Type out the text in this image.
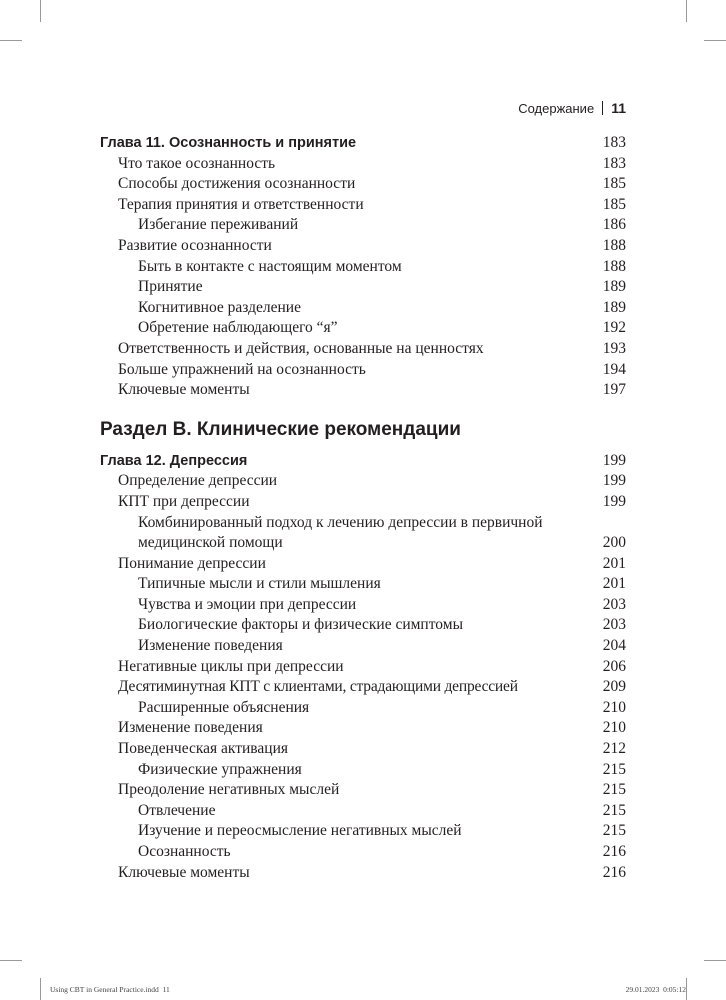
Содержание 11
Глава 11. Осознанность и принятие	183
Что такое осознанность	183
Способы достижения осознанности	185
Терапия принятия и ответственности	185
Избегание переживаний	186
Развитие осознанности	188
Быть в контакте с настоящим моментом	188
Принятие	189
Когнитивное разделение	189
Обретение наблюдающего “я”	192
Ответственность и действия, основанные на ценностях	193
Больше упражнений на осознанность	194
Ключевые моменты	197
Раздел B. Клинические рекомендации
Глава 12. Депрессия	199
Определение депрессии	199
КПТ при депрессии	199
Комбинированный подход к лечению депрессии в первичной медицинской помощи	200
Понимание депрессии	201
Типичные мысли и стили мышления	201
Чувства и эмоции при депрессии	203
Биологические факторы и физические симптомы	203
Изменение поведения	204
Негативные циклы при депрессии	206
Десятиминутная КПТ с клиентами, страдающими депрессией	209
Расширенные объяснения	210
Изменение поведения	210
Поведенческая активация	212
Физические упражнения	215
Преодоление негативных мыслей	215
Отвлечение	215
Изучение и переосмысление негативных мыслей	215
Осознанность	216
Ключевые моменты	216
Using CBT in General Practice.indd 11	29.01.2023 0:05:12
